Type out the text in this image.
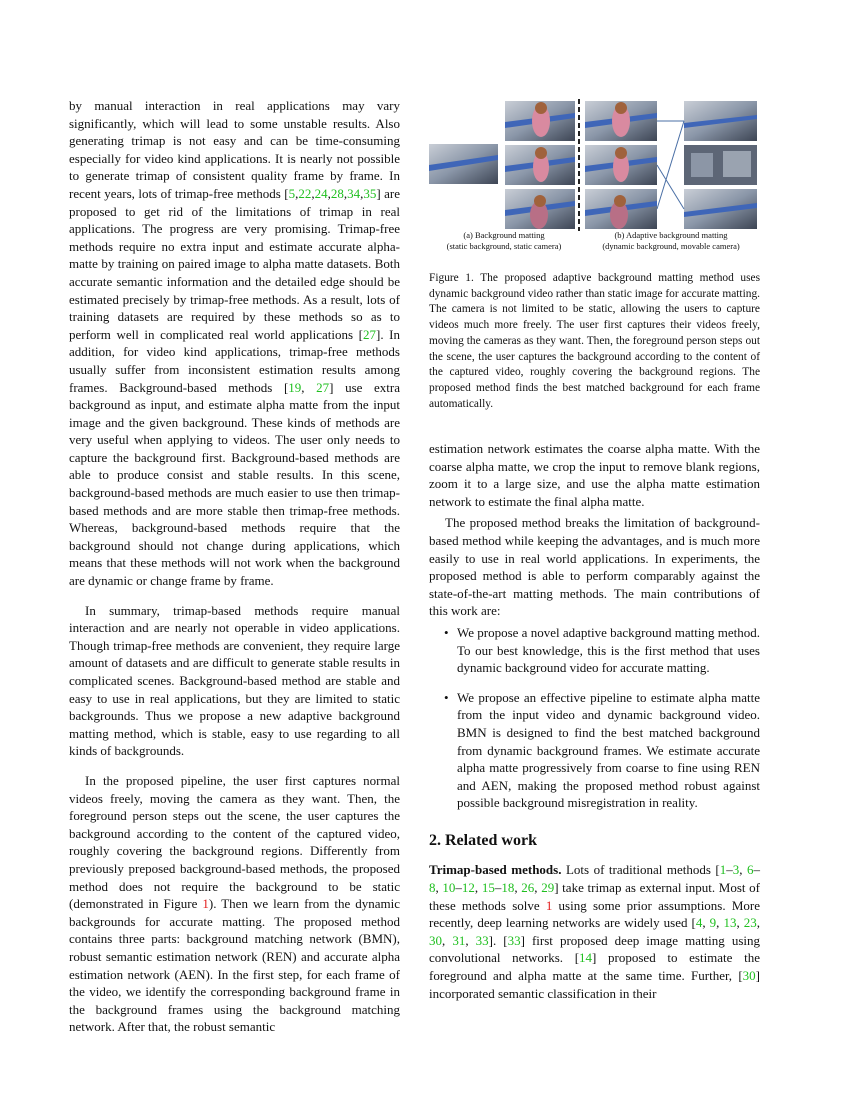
by manual interaction in real applications may vary significantly, which will lead to some unstable results. Also generating trimap is not easy and can be time-consuming especially for video kind applications. It is nearly not possible to generate trimap of consistent quality frame by frame. In recent years, lots of trimap-free methods [5,22,24,28,34,35] are proposed to get rid of the limitations of trimap in real applications. The progress are very promising. Trimap-free methods require no extra input and estimate accurate alpha-matte by training on paired image to alpha matte datasets. Both accurate semantic information and the detailed edge should be estimated precisely by trimap-free methods. As a result, lots of training datasets are required by these methods so as to perform well in complicated real world applications [27]. In addition, for video kind applications, trimap-free methods usually suffer from inconsistent estimation results among frames. Background-based methods [19, 27] use extra background as input, and estimate alpha matte from the input image and the given background. These kinds of methods are very useful when applying to videos. The user only needs to capture the background first. Background-based methods are able to produce consist and stable results. In this scene, background-based methods are much easier to use then trimap-based methods and are more stable then trimap-free methods. Whereas, background-based methods require that the background should not change during applications, which means that these methods will not work when the background are dynamic or change frame by frame.

In summary, trimap-based methods require manual interaction and are nearly not operable in video applications. Though trimap-free methods are convenient, they require large amount of datasets and are difficult to generate stable results in complicated scenes. Background-based method are stable and easy to use in real applications, but they are limited to static backgrounds. Thus we propose a new adaptive background matting method, which is stable, easy to use regarding to all kinds of backgrounds.

In the proposed pipeline, the user first captures normal videos freely, moving the camera as they want. Then, the foreground person steps out the scene, the user captures the background according to the content of the captured video, roughly covering the background regions. Differently from previously preposed background-based methods, the proposed method does not require the background to be static (demonstrated in Figure 1). Then we learn from the dynamic backgrounds for accurate matting. The proposed method contains three parts: background matching network (BMN), robust semantic estimation network (REN) and accurate alpha estimation network (AEN). In the first step, for each frame of the video, we identify the corresponding background frame in the background frames using the background matching network. After that, the robust semantic

.
(a) Background matting
(static background, static camera)
(b) Adaptive background matting
(dynamic background, movable camera)
Figure 1. The proposed adaptive background matting method uses dynamic background video rather than static image for accurate matting. The camera is not limited to be static, allowing the users to capture videos much more freely. The user first captures their videos freely, moving the cameras as they want. Then, the foreground person steps out the scene, the user captures the background according to the content of the captured video, roughly covering the background regions. The proposed method finds the best matched background for each frame automatically.

estimation network estimates the coarse alpha matte. With the coarse alpha matte, we crop the input to remove blank regions, zoom it to a large size, and use the alpha matte estimation network to estimate the final alpha matte.

The proposed method breaks the limitation of background-based method while keeping the advantages, and is much more easily to use in real world applications. In experiments, the proposed method is able to perform comparably against the state-of-the-art matting methods. The main contributions of this work are:

• We propose a novel adaptive background matting method. To our best knowledge, this is the first method that uses dynamic background video for accurate matting.
• We propose an effective pipeline to estimate alpha matte from the input video and dynamic background video. BMN is designed to find the best matched background from dynamic background frames. We estimate accurate alpha matte progressively from coarse to fine using REN and AEN, making the proposed method robust against possible background misregistration in reality.
2. Related work

Trimap-based methods. Lots of traditional methods [1–3, 6–8, 10–12, 15–18, 26, 29] take trimap as external input. Most of these methods solve 1 using some prior assumptions. More recently, deep learning networks are widely used [4, 9, 13, 23, 30, 31, 33]. [33] first proposed deep image matting using convolutional networks. [14] proposed to estimate the foreground and alpha matte at the same time. Further, [30] incorporated semantic classification in their
